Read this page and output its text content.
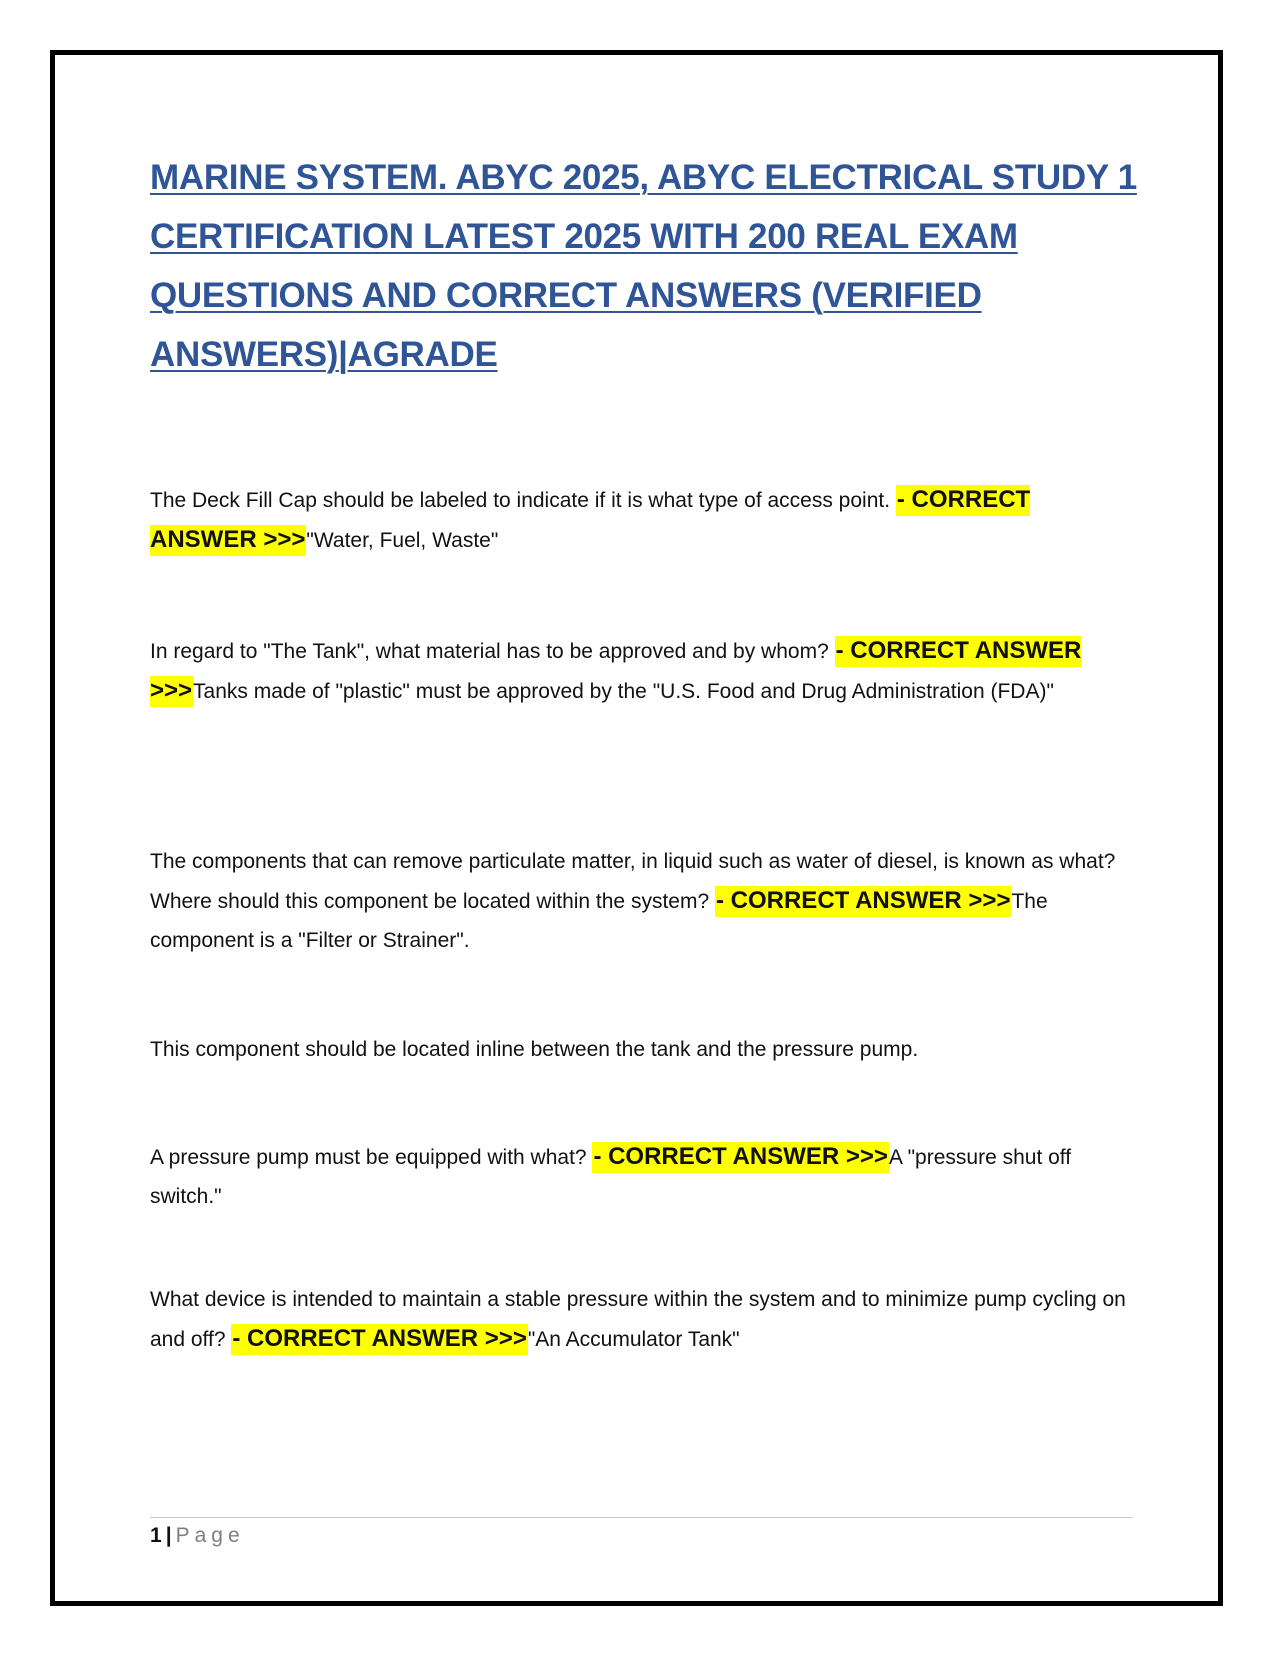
MARINE SYSTEM. ABYC 2025, ABYC ELECTRICAL STUDY 1 CERTIFICATION LATEST 2025 WITH 200 REAL EXAM QUESTIONS AND CORRECT ANSWERS (VERIFIED ANSWERS)|AGRADE

The Deck Fill Cap should be labeled to indicate if it is what type of access point. - CORRECT ANSWER >>>"Water, Fuel, Waste"

In regard to "The Tank", what material has to be approved and by whom? - CORRECT ANSWER >>>Tanks made of "plastic" must be approved by the "U.S. Food and Drug Administration (FDA)"

The components that can remove particulate matter, in liquid such as water of diesel, is known as what? Where should this component be located within the system? - CORRECT ANSWER >>>The component is a "Filter or Strainer".

This component should be located inline between the tank and the pressure pump.

A pressure pump must be equipped with what? - CORRECT ANSWER >>>A "pressure shut off switch."

What device is intended to maintain a stable pressure within the system and to minimize pump cycling on and off? - CORRECT ANSWER >>>"An Accumulator Tank"

1 | Page
